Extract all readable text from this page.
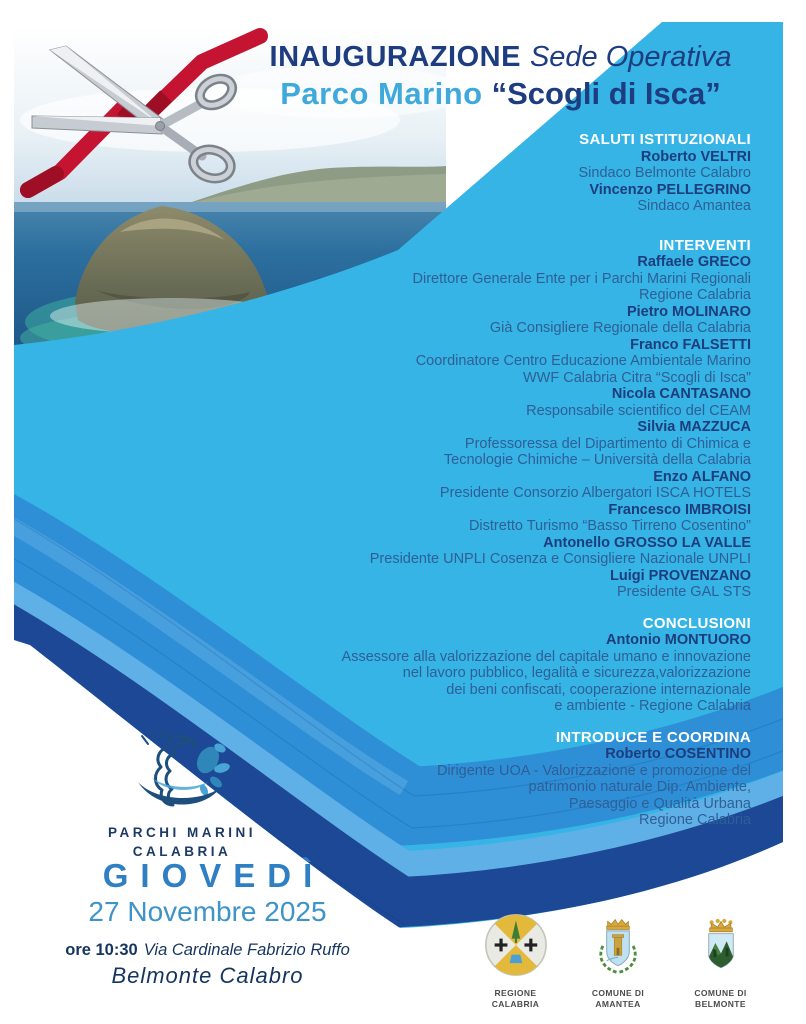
INAUGURAZIONE Sede Operativa
Parco Marino “Scogli di Isca”
SALUTI ISTITUZIONALI
Roberto VELTRI
Sindaco Belmonte Calabro
Vincenzo PELLEGRINO
Sindaco Amantea
INTERVENTI
Raffaele GRECO
Direttore Generale Ente per i Parchi Marini Regionali
Regione Calabria
Pietro MOLINARO
Già Consigliere Regionale della Calabria
Franco FALSETTI
Coordinatore Centro Educazione Ambientale Marino
WWF Calabria Citra “Scogli di Isca”
Nicola CANTASANO
Responsabile scientifico del CEAM
Silvia MAZZUCA
Professoressa del Dipartimento di Chimica e
Tecnologie Chimiche – Università della Calabria
Enzo ALFANO
Presidente Consorzio Albergatori ISCA HOTELS
Francesco IMBROISI
Distretto Turismo “Basso Tirreno Cosentino”
Antonello GROSSO LA VALLE
Presidente UNPLI Cosenza e Consigliere Nazionale UNPLI
Luigi PROVENZANO
Presidente GAL STS
CONCLUSIONI
Antonio MONTUORO
Assessore alla valorizzazione del capitale umano e innovazione
nel lavoro pubblico, legalità e sicurezza,valorizzazione
dei beni confiscati, cooperazione internazionale
e ambiente - Regione Calabria
INTRODUCE E COORDINA
Roberto COSENTINO
Dirigente UOA - Valorizzazione e promozione del
patrimonio naturale Dip. Ambiente,
Paesaggio e Qualità Urbana
Regione Calabria
PARCHI MARINI
CALABRIA
GIOVEDÌ
27 Novembre 2025
ore 10:30 Via Cardinale Fabrizio Ruffo
Belmonte Calabro
REGIONE
CALABRIA
COMUNE DI
AMANTEA
COMUNE DI
BELMONTE
